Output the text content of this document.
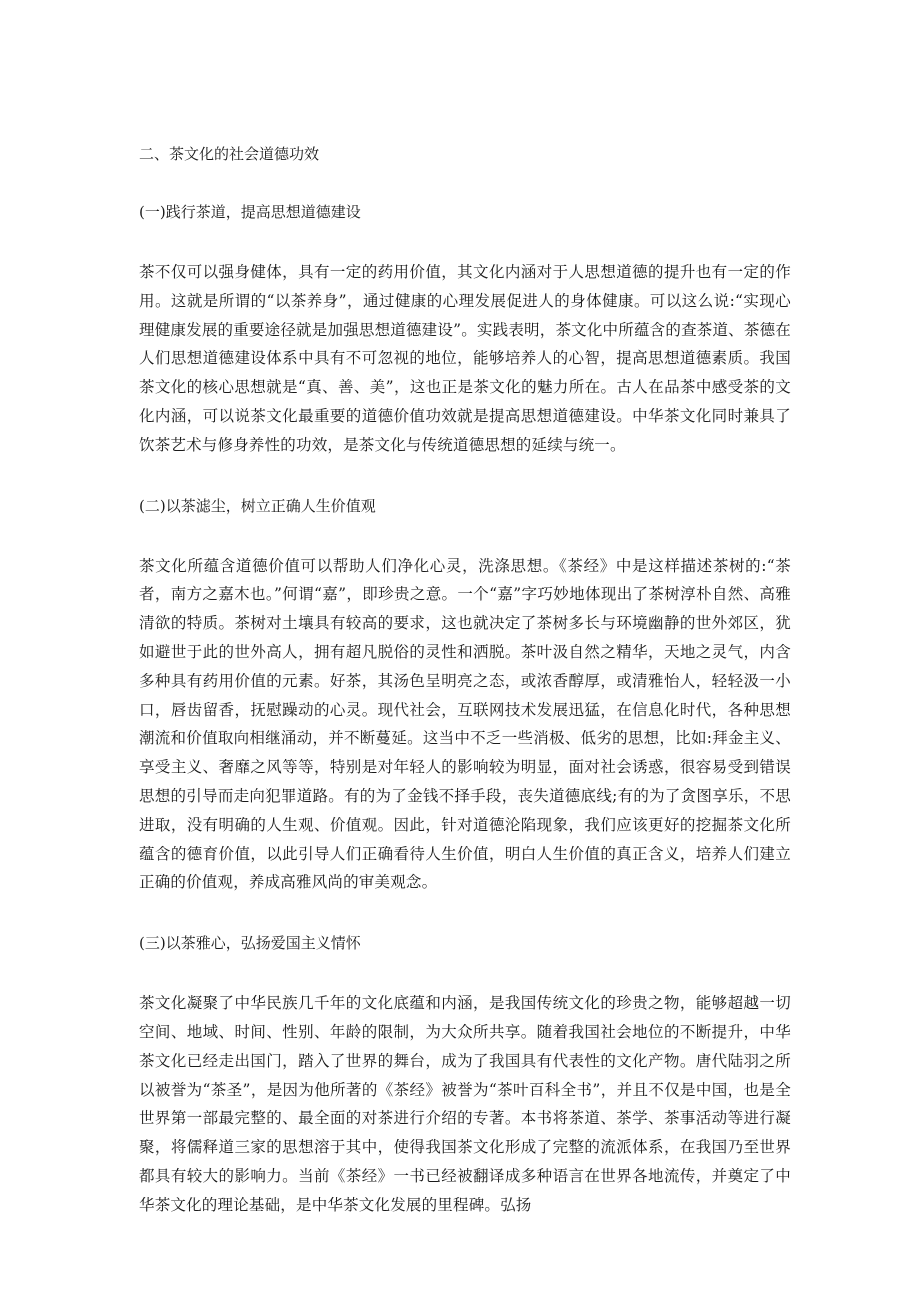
二、茶文化的社会道德功效

(一)践行茶道，提高思想道德建设

茶不仅可以强身健体，具有一定的药用价值，其文化内涵对于人思想道德的提升也有一定的作用。这就是所谓的“以茶养身”，通过健康的心理发展促进人的身体健康。可以这么说:“实现心理健康发展的重要途径就是加强思想道德建设”。实践表明，茶文化中所蕴含的查茶道、茶德在人们思想道德建设体系中具有不可忽视的地位，能够培养人的心智，提高思想道德素质。我国茶文化的核心思想就是“真、善、美”，这也正是茶文化的魅力所在。古人在品茶中感受茶的文化内涵，可以说茶文化最重要的道德价值功效就是提高思想道德建设。中华茶文化同时兼具了饮茶艺术与修身养性的功效，是茶文化与传统道德思想的延续与统一。

(二)以茶滤尘，树立正确人生价值观

茶文化所蕴含道德价值可以帮助人们净化心灵，洗涤思想。《茶经》中是这样描述茶树的:“茶者，南方之嘉木也。”何谓“嘉”，即珍贵之意。一个“嘉”字巧妙地体现出了茶树淳朴自然、高雅清欲的特质。茶树对土壤具有较高的要求，这也就决定了茶树多长与环境幽静的世外郊区，犹如避世于此的世外高人，拥有超凡脱俗的灵性和洒脱。茶叶汲自然之精华，天地之灵气，内含多种具有药用价值的元素。好茶，其汤色呈明亮之态，或浓香醇厚，或清雅怡人，轻轻汲一小口，唇齿留香，抚慰躁动的心灵。现代社会，互联网技术发展迅猛，在信息化时代，各种思想潮流和价值取向相继涌动，并不断蔓延。这当中不乏一些消极、低劣的思想，比如:拜金主义、享受主义、奢靡之风等等，特别是对年轻人的影响较为明显，面对社会诱惑，很容易受到错误思想的引导而走向犯罪道路。有的为了金钱不择手段，丧失道德底线;有的为了贪图享乐，不思进取，没有明确的人生观、价值观。因此，针对道德沦陷现象，我们应该更好的挖掘茶文化所蕴含的德育价值，以此引导人们正确看待人生价值，明白人生价值的真正含义，培养人们建立正确的价值观，养成高雅风尚的审美观念。

(三)以茶雅心，弘扬爱国主义情怀

茶文化凝聚了中华民族几千年的文化底蕴和内涵，是我国传统文化的珍贵之物，能够超越一切空间、地域、时间、性别、年龄的限制，为大众所共享。随着我国社会地位的不断提升，中华茶文化已经走出国门，踏入了世界的舞台，成为了我国具有代表性的文化产物。唐代陆羽之所以被誉为“茶圣”，是因为他所著的《茶经》被誉为“茶叶百科全书”，并且不仅是中国，也是全世界第一部最完整的、最全面的对茶进行介绍的专著。本书将茶道、茶学、茶事活动等进行凝聚，将儒释道三家的思想溶于其中，使得我国茶文化形成了完整的流派体系，在我国乃至世界都具有较大的影响力。当前《茶经》一书已经被翻译成多种语言在世界各地流传，并奠定了中华茶文化的理论基础，是中华茶文化发展的里程碑。弘扬
